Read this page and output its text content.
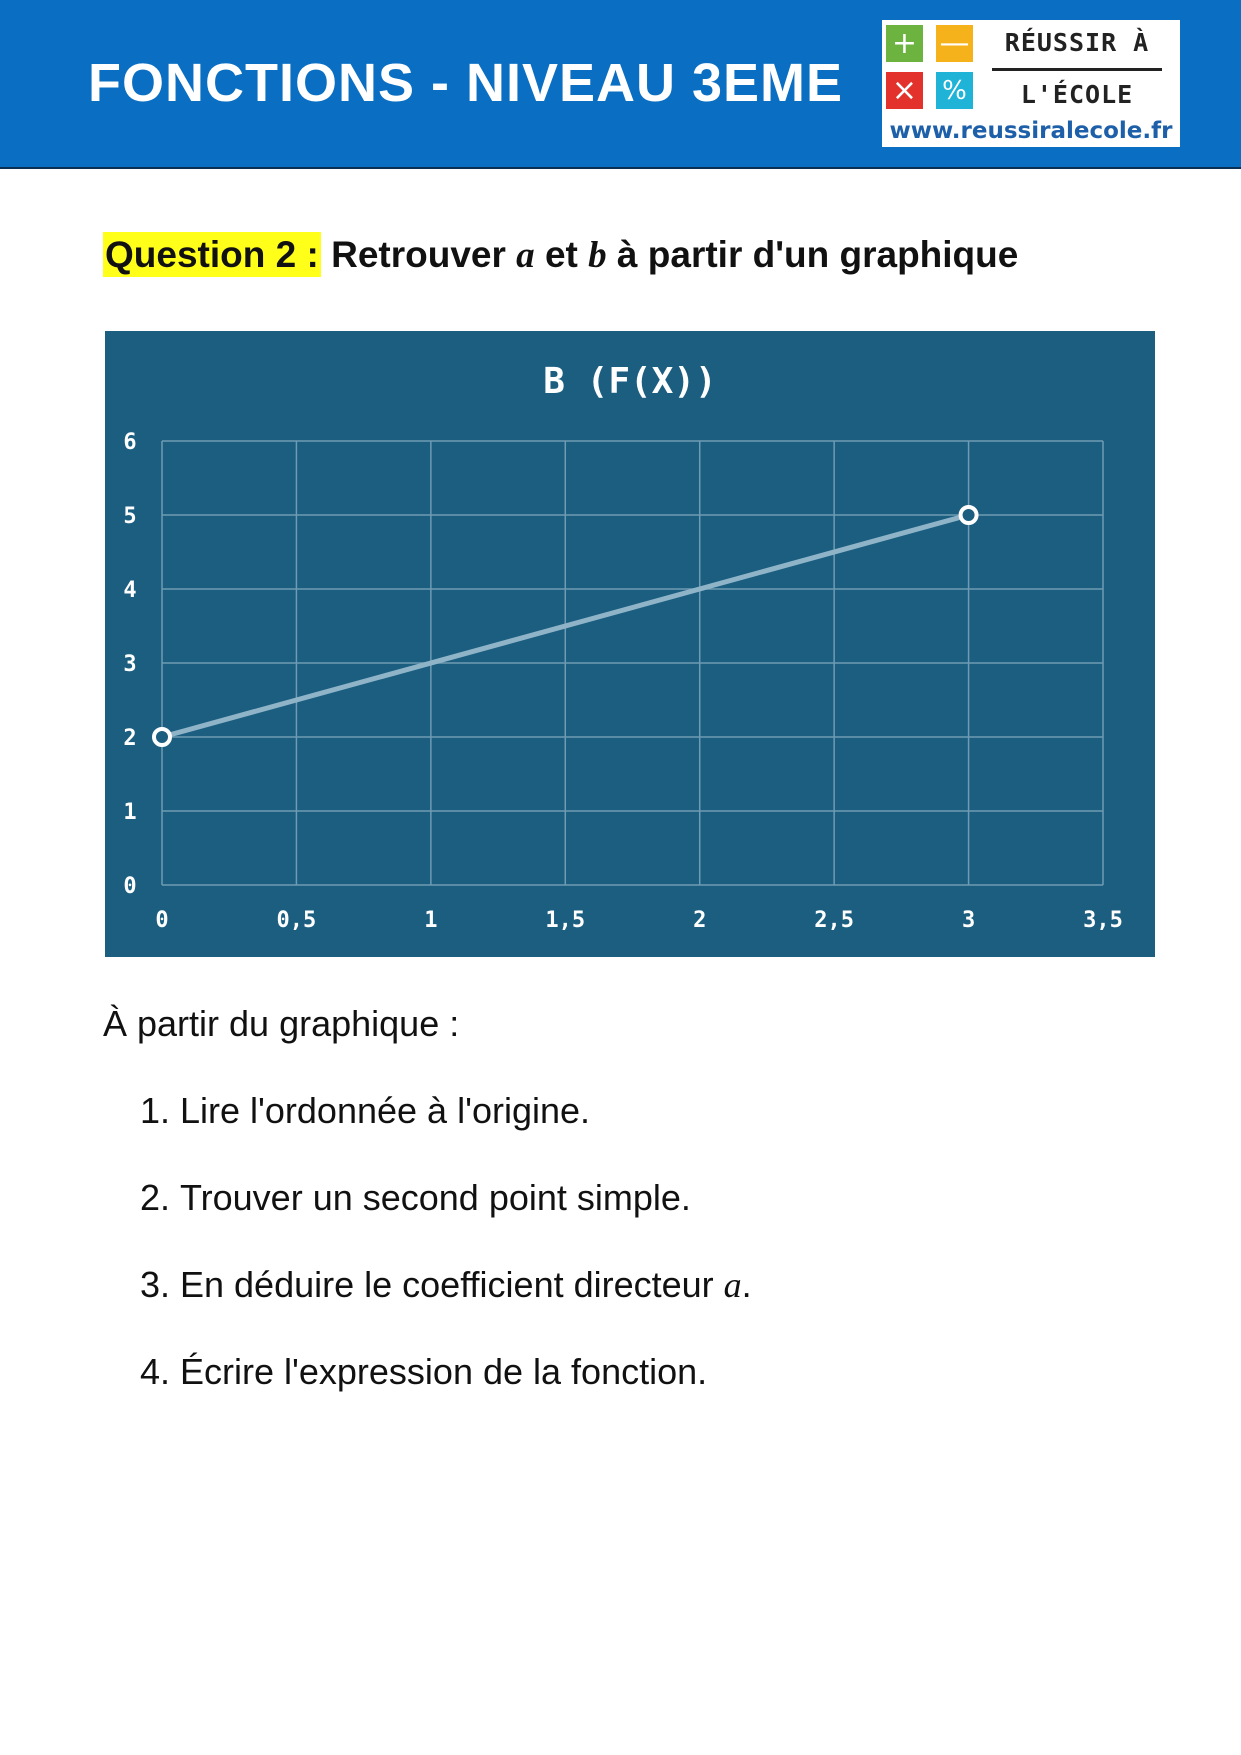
FONCTIONS - NIVEAU 3EME
+ —
× %
RÉUSSIR À
L'ÉCOLE
www.reussiralecole.fr
Question 2 : Retrouver a et b à partir d'un graphique
B (F(X))
0	0,5	1	1,5	2	2,5	3	3,5
0
1
2
3
4
5
6
À partir du graphique :
1. Lire l'ordonnée à l'origine.
2. Trouver un second point simple.
3. En déduire le coefficient directeur a.
4. Écrire l'expression de la fonction.
